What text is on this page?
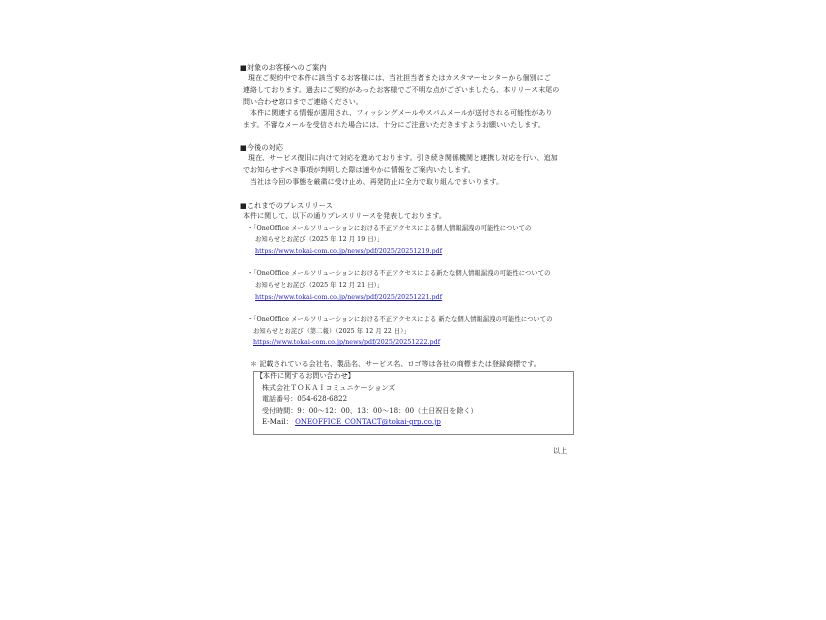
■対象のお客様へのご案内
　現在ご契約中で本件に該当するお客様には、当社担当者またはカスタマーセンターから個別にご
連絡しております。過去にご契約があったお客様でご不明な点がございましたら、本リリース末尾の
問い合わせ窓口までご連絡ください。
　本件に関連する情報が悪用され、フィッシングメールやスパムメールが送付される可能性があり
ます。不審なメールを受信された場合には、十分にご注意いただきますようお願いいたします。
■今後の対応
　現在、サービス復旧に向けて対応を進めております。引き続き関係機関と連携し対応を行い、追加
でお知らせすべき事項が判明した際は速やかに情報をご案内いたします。
　当社は今回の事態を厳粛に受け止め、再発防止に全力で取り組んでまいります。
■これまでのプレスリリース
本件に関して、以下の通りプレスリリースを発表しております。
・「OneOffice メールソリューションにおける不正アクセスによる個人情報漏洩の可能性についての
お知らせとお詫び（2025 年 12 月 19 日）」
https://www.tokai-com.co.jp/news/pdf/2025/20251219.pdf
・「OneOffice メールソリューションにおける不正アクセスによる新たな個人情報漏洩の可能性についての
お知らせとお詫び（2025 年 12 月 21 日）」
https://www.tokai-com.co.jp/news/pdf/2025/20251221.pdf
・「OneOffice メールソリューションにおける不正アクセスによる 新たな個人情報漏洩の可能性についての
お知らせとお詫び（第二報）（2025 年 12 月 22 日）」
https://www.tokai-com.co.jp/news/pdf/2025/20251222.pdf
＊ 記載されている会社名、製品名、サービス名、ロゴ等は各社の商標または登録商標です。
【本件に関するお問い合わせ】
株式会社ＴＯＫＡＩコミュニケーションズ
電話番号：054-628-6822
受付時間：9：00～12：00、13：00～18：00（土日祝日を除く）
E-Mail： ONEOFFICE_CONTACT@tokai-grp.co.jp
以上
